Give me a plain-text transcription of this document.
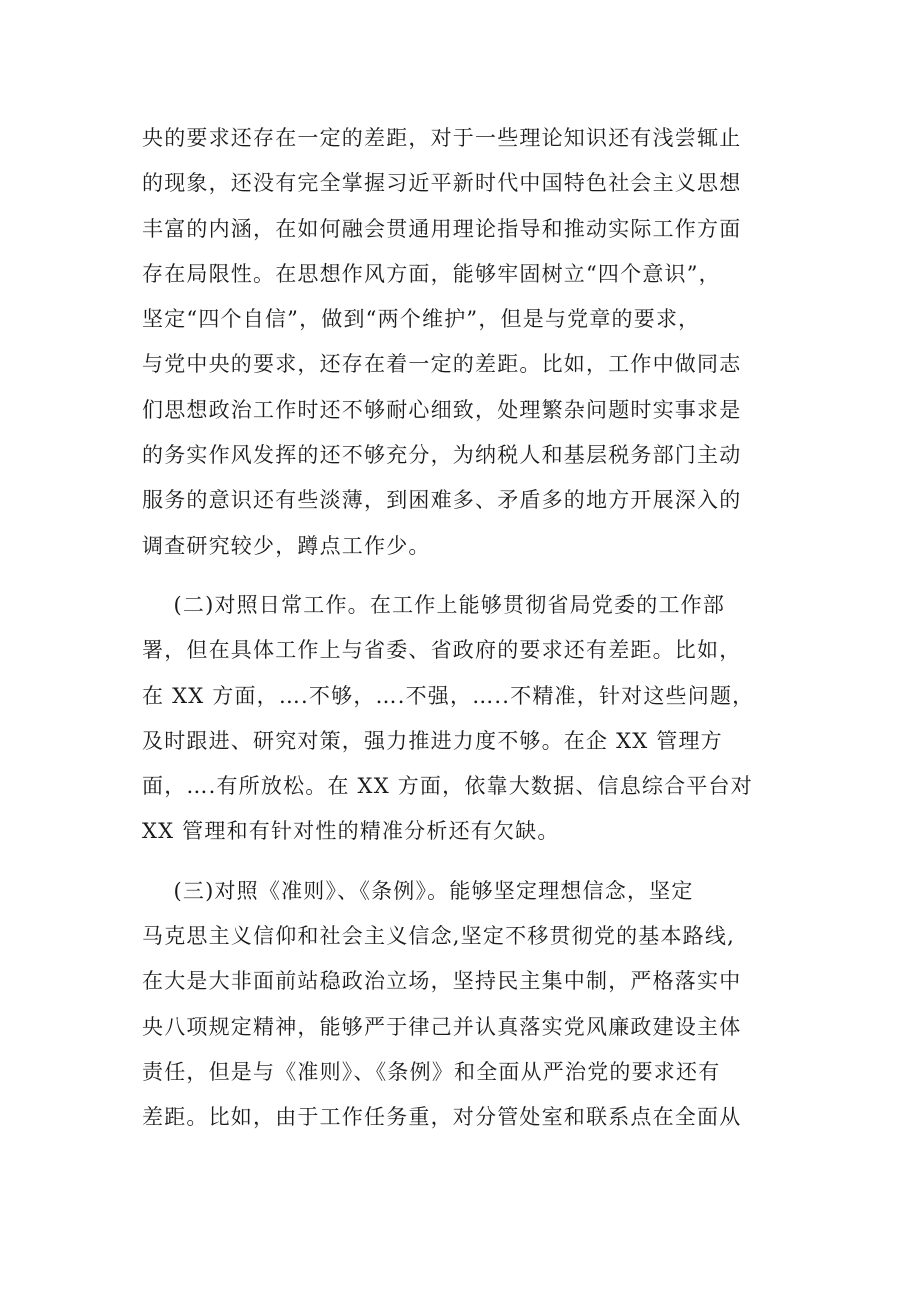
央的要求还存在一定的差距，对于一些理论知识还有浅尝辄止
的现象，还没有完全掌握习近平新时代中国特色社会主义思想
丰富的内涵，在如何融会贯通用理论指导和推动实际工作方面
存在局限性。在思想作风方面，能够牢固树立“四个意识”，
坚定“四个自信”，做到“两个维护”，但是与党章的要求，
与党中央的要求，还存在着一定的差距。比如，工作中做同志
们思想政治工作时还不够耐心细致，处理繁杂问题时实事求是
的务实作风发挥的还不够充分，为纳税人和基层税务部门主动
服务的意识还有些淡薄，到困难多、矛盾多的地方开展深入的
调查研究较少，蹲点工作少。
(二)对照日常工作。在工作上能够贯彻省局党委的工作部
署，但在具体工作上与省委、省政府的要求还有差距。比如，
在 XX 方面，….不够，….不强，…..不精准，针对这些问题，
及时跟进、研究对策，强力推进力度不够。在企 XX 管理方
面，….有所放松。在 XX 方面，依靠大数据、信息综合平台对
XX 管理和有针对性的精准分析还有欠缺。
(三)对照《准则》、《条例》。能够坚定理想信念，坚定
马克思主义信仰和社会主义信念,坚定不移贯彻党的基本路线,
在大是大非面前站稳政治立场，坚持民主集中制，严格落实中
央八项规定精神，能够严于律己并认真落实党风廉政建设主体
责任，但是与《准则》、《条例》和全面从严治党的要求还有
差距。比如，由于工作任务重，对分管处室和联系点在全面从
